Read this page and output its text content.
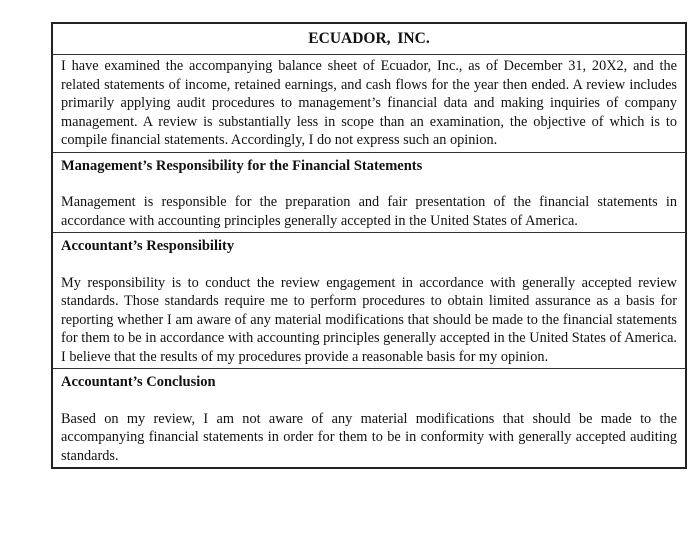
ECUADOR, INC.

I have examined the accompanying balance sheet of Ecuador, Inc., as of December 31, 20X2, and the related statements of income, retained earnings, and cash flows for the year then ended. A review includes primarily applying audit procedures to management’s financial data and making inquiries of company management. A review is substantially less in scope than an examination, the objective of which is to compile financial statements. Accordingly, I do not express such an opinion.

Management’s Responsibility for the Financial Statements

Management is responsible for the preparation and fair presentation of the financial statements in accordance with accounting principles generally accepted in the United States of America.

Accountant’s Responsibility

My responsibility is to conduct the review engagement in accordance with generally accepted review standards. Those standards require me to perform procedures to obtain limited assurance as a basis for reporting whether I am aware of any material modifications that should be made to the financial statements for them to be in accordance with accounting principles generally accepted in the United States of America. I believe that the results of my procedures provide a reasonable basis for my opinion.

Accountant’s Conclusion

Based on my review, I am not aware of any material modifications that should be made to the accompanying financial statements in order for them to be in conformity with generally accepted auditing standards.
